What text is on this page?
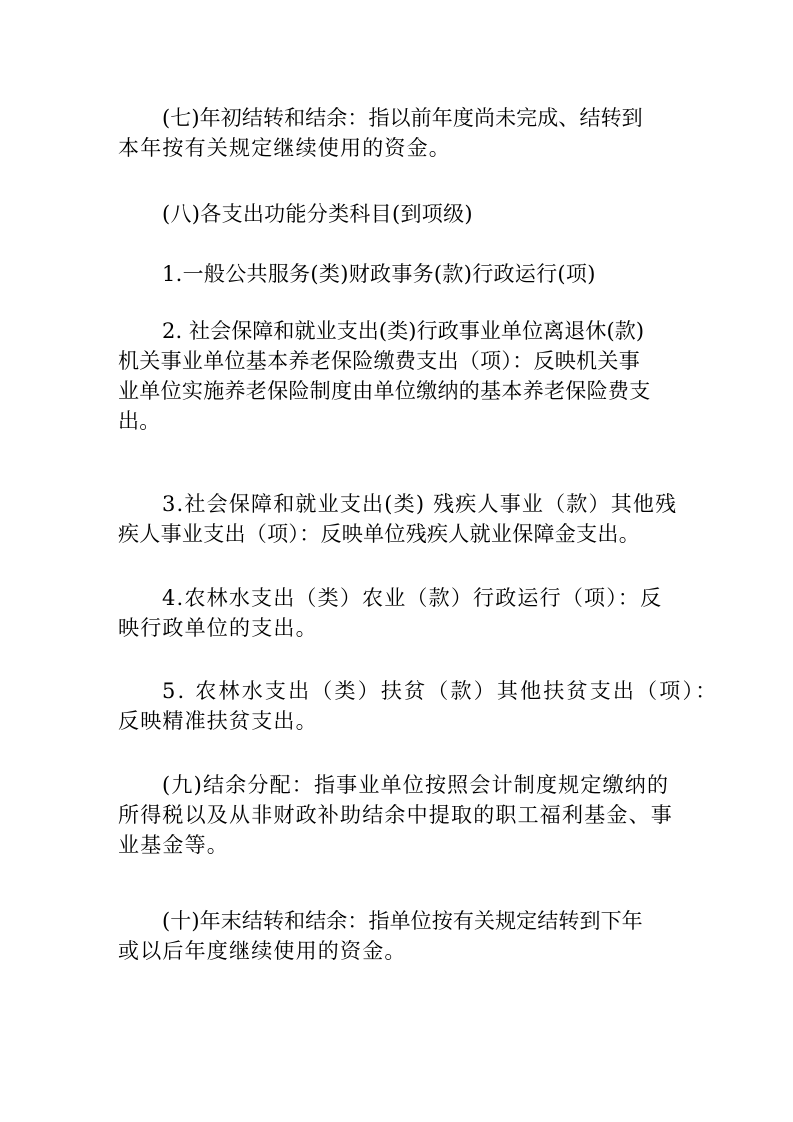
(七)年初结转和结余：指以前年度尚未完成、结转到
本年按有关规定继续使用的资金。
(八)各支出功能分类科目(到项级)
1.一般公共服务(类)财政事务(款)行政运行(项)
2. 社会保障和就业支出(类)行政事业单位离退休(款)
机关事业单位基本养老保险缴费支出（项）：反映机关事
业单位实施养老保险制度由单位缴纳的基本养老保险费支
出。
3.社会保障和就业支出(类) 残疾人事业（款）其他残
疾人事业支出（项）：反映单位残疾人就业保障金支出。
4.农林水支出（类）农业（款）行政运行（项）：反
映行政单位的支出。
5. 农林水支出（类）扶贫（款）其他扶贫支出（项）：
反映精准扶贫支出。
(九)结余分配：指事业单位按照会计制度规定缴纳的
所得税以及从非财政补助结余中提取的职工福利基金、事
业基金等。
(十)年末结转和结余：指单位按有关规定结转到下年
或以后年度继续使用的资金。
